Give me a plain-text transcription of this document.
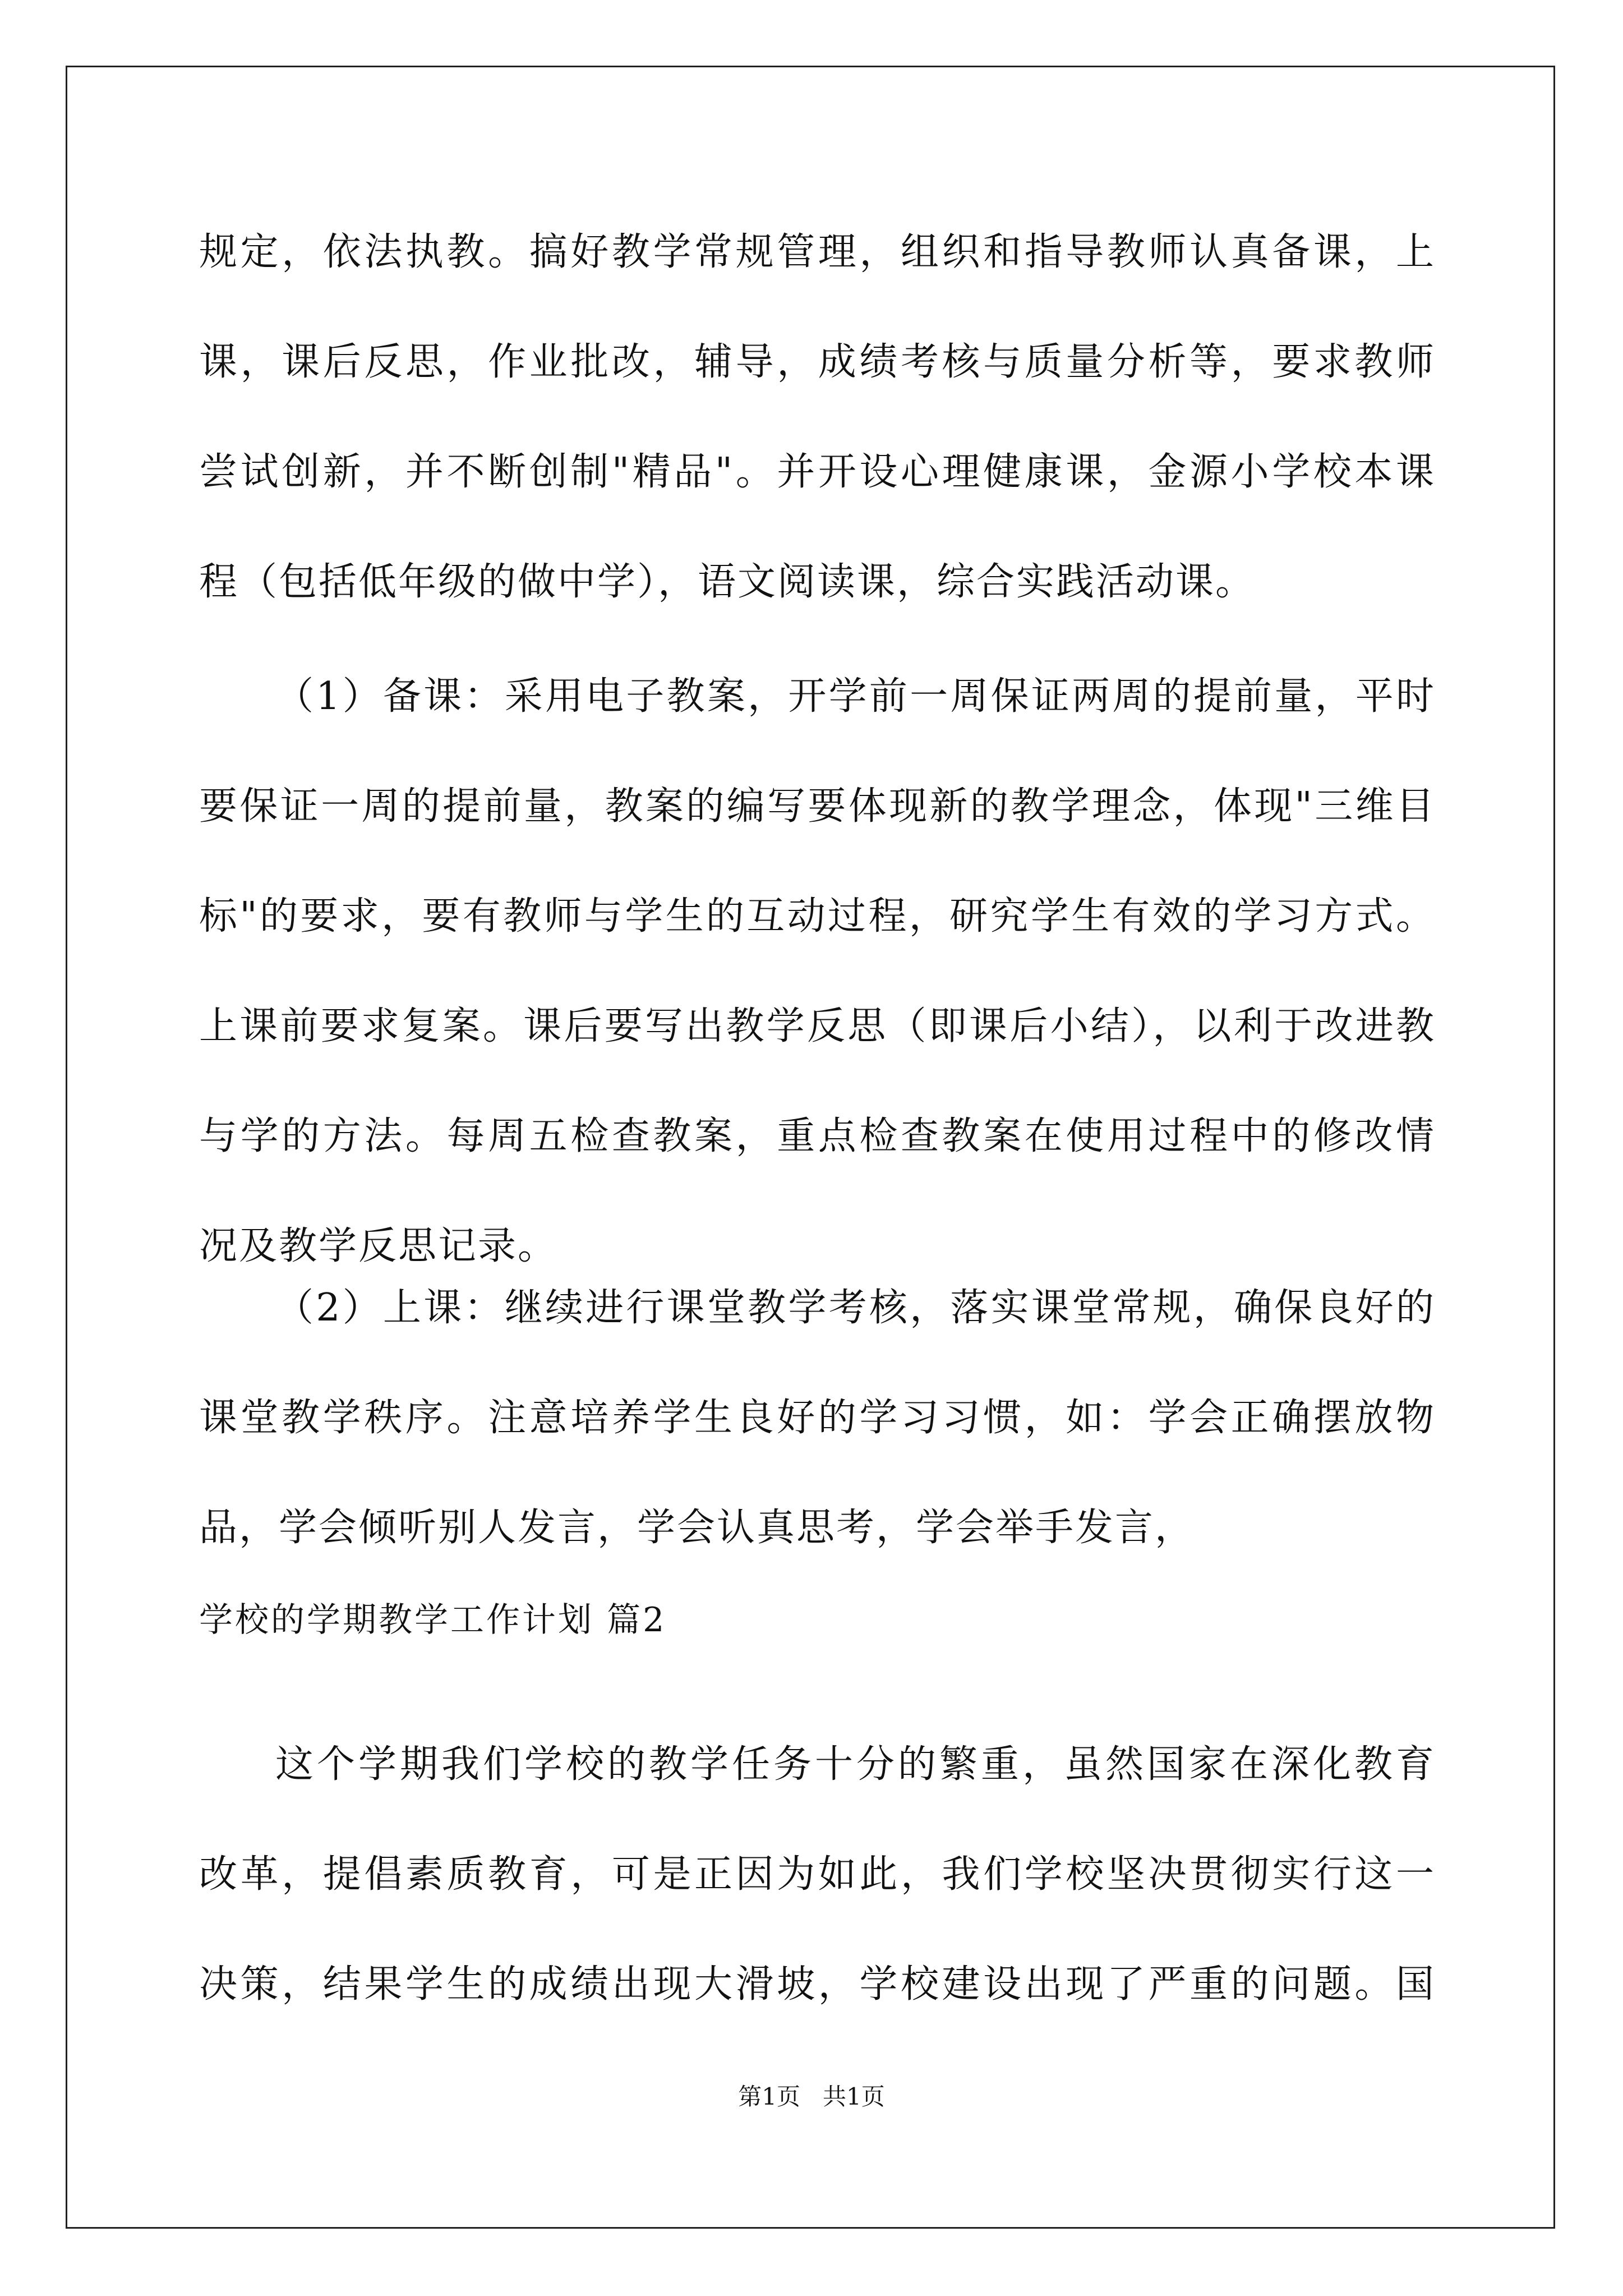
规定，依法执教。搞好教学常规管理，组织和指导教师认真备课，上
课，课后反思，作业批改，辅导，成绩考核与质量分析等，要求教师
尝试创新，并不断创制"精品"。并开设心理健康课，金源小学校本课
程（包括低年级的做中学），语文阅读课，综合实践活动课。
（1）备课：采用电子教案，开学前一周保证两周的提前量，平时
要保证一周的提前量，教案的编写要体现新的教学理念，体现"三维目
标"的要求，要有教师与学生的互动过程，研究学生有效的学习方式。
上课前要求复案。课后要写出教学反思（即课后小结），以利于改进教
与学的方法。每周五检查教案，重点检查教案在使用过程中的修改情
况及教学反思记录。
（2）上课：继续进行课堂教学考核，落实课堂常规，确保良好的
课堂教学秩序。注意培养学生良好的学习习惯，如：学会正确摆放物
品，学会倾听别人发言，学会认真思考，学会举手发言，
学校的学期教学工作计划 篇2
这个学期我们学校的教学任务十分的繁重，虽然国家在深化教育
改革，提倡素质教育，可是正因为如此，我们学校坚决贯彻实行这一
决策，结果学生的成绩出现大滑坡，学校建设出现了严重的问题。国
第1页   共1页
